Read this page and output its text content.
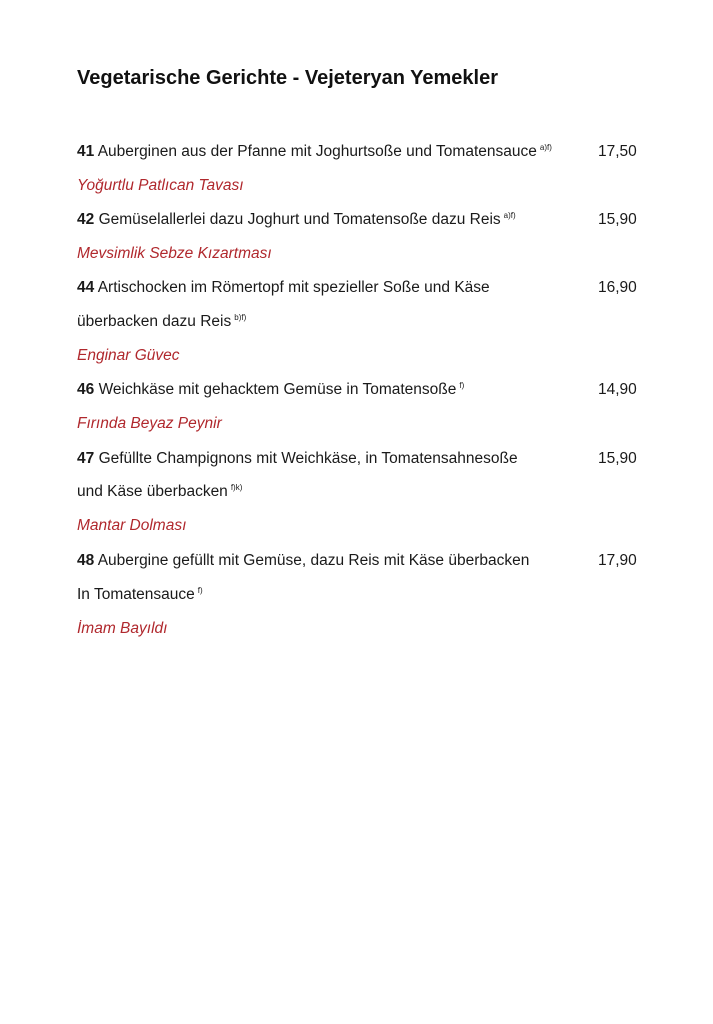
Vegetarische Gerichte - Vejeteryan Yemekler
41 Auberginen aus der Pfanne mit Joghurtsoße und Tomatensauce $^{a)f)}$	17,50
Yoğurtlu Patlıcan Tavası
42 Gemüselallerlei dazu Joghurt und Tomatensoße dazu Reis $^{a)f)}$	15,90
Mevsimlik Sebze Kızartması
44 Artischocken im Römertopf mit spezieller Soße und Käse	16,90
überbacken dazu Reis $^{b)f)}$
Enginar Güvec
46 Weichkäse mit gehacktem Gemüse in Tomatensoße $^{f)}$	14,90
Fırında Beyaz Peynir
47 Gefüllte Champignons mit Weichkäse, in Tomatensahnesoße	15,90
und Käse überbacken $^{f)k)}$
Mantar Dolması
48 Aubergine gefüllt mit Gemüse, dazu Reis mit Käse überbacken	17,90
In Tomatensauce $^{f)}$
İmam Bayıldı
